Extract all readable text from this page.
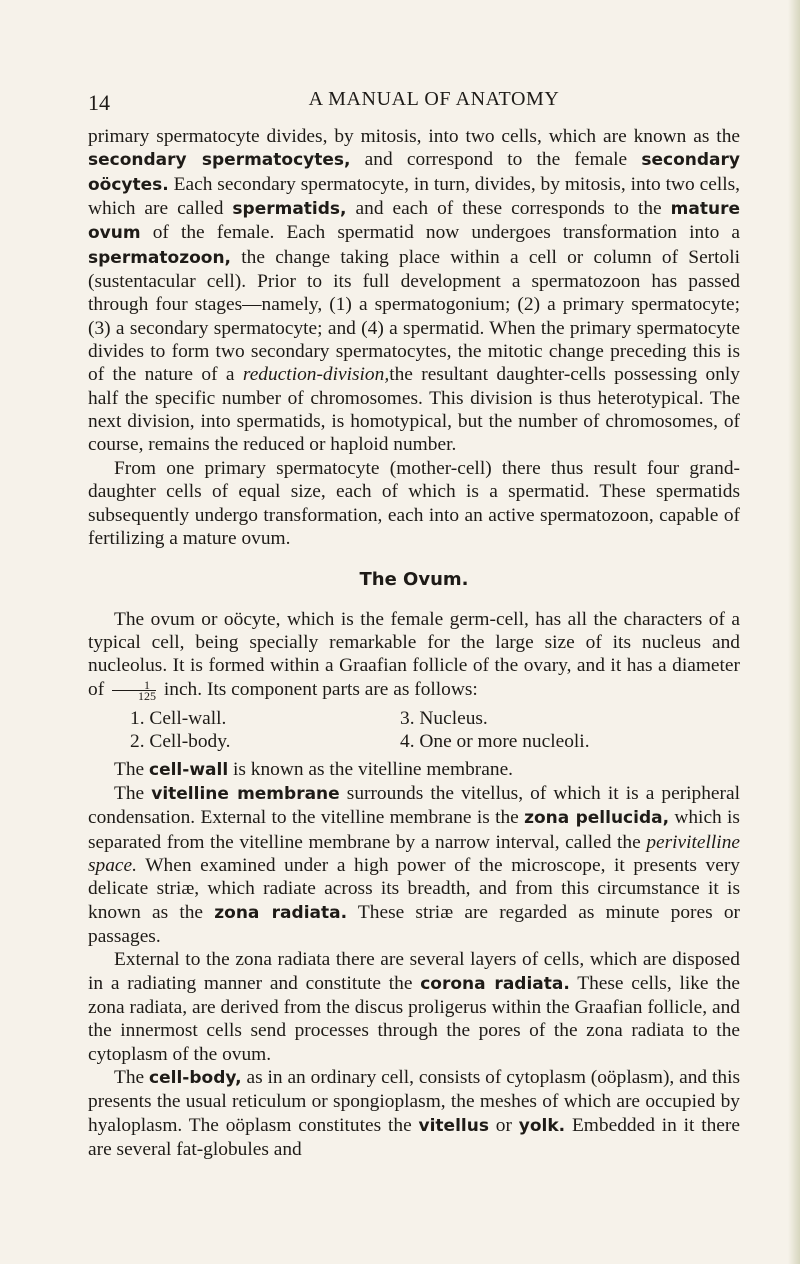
14	A MANUAL OF ANATOMY

primary spermatocyte divides, by mitosis, into two cells, which are known as the secondary spermatocytes, and correspond to the female secondary oöcytes. Each secondary spermatocyte, in turn, divides, by mitosis, into two cells, which are called spermatids, and each of these corresponds to the mature ovum of the female. Each spermatid now undergoes transformation into a spermatozoon, the change taking place within a cell or column of Sertoli (sustentacular cell). Prior to its full development a spermatozoon has passed through four stages—namely, (1) a spermatogonium; (2) a primary spermatocyte; (3) a secondary spermatocyte; and (4) a spermatid. When the primary spermatocyte divides to form two secondary spermatocytes, the mitotic change preceding this is of the nature of a reduction-division,the resultant daughter-cells possessing only half the specific number of chromosomes. This division is thus heterotypical. The next division, into spermatids, is homotypical, but the number of chromosomes, of course, remains the reduced or haploid number.

From one primary spermatocyte (mother-cell) there thus result four grand-daughter cells of equal size, each of which is a spermatid. These spermatids subsequently undergo transformation, each into an active spermatozoon, capable of fertilizing a mature ovum.

The Ovum.

The ovum or oöcyte, which is the female germ-cell, has all the characters of a typical cell, being specially remarkable for the large size of its nucleus and nucleolus. It is formed within a Graafian follicle of the ovary, and it has a diameter of $\frac{1}{125}$ inch. Its component parts are as follows:

1. Cell-wall.	3. Nucleus.
2. Cell-body.	4. One or more nucleoli.

The cell-wall is known as the vitelline membrane.

The vitelline membrane surrounds the vitellus, of which it is a peripheral condensation. External to the vitelline membrane is the zona pellucida, which is separated from the vitelline membrane by a narrow interval, called the perivitelline space. When examined under a high power of the microscope, it presents very delicate striæ, which radiate across its breadth, and from this circumstance it is known as the zona radiata. These striæ are regarded as minute pores or passages.

External to the zona radiata there are several layers of cells, which are disposed in a radiating manner and constitute the corona radiata. These cells, like the zona radiata, are derived from the discus proligerus within the Graafian follicle, and the innermost cells send processes through the pores of the zona radiata to the cytoplasm of the ovum.

The cell-body, as in an ordinary cell, consists of cytoplasm (oöplasm), and this presents the usual reticulum or spongioplasm, the meshes of which are occupied by hyaloplasm. The oöplasm constitutes the vitellus or yolk. Embedded in it there are several fat-globules and
